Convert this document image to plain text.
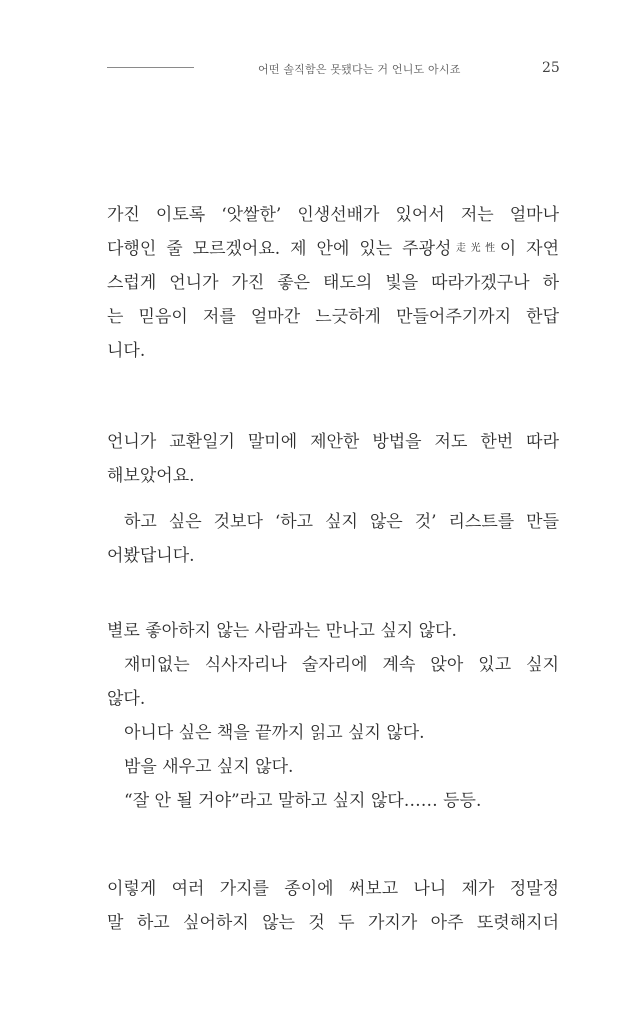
어떤 솔직함은 못됐다는 거 언니도 아시죠	25
가진 이토록 ‘앗쌀한’ 인생선배가 있어서 저는 얼마나
다행인 줄 모르겠어요. 제 안에 있는 주광성走光性이 자연
스럽게 언니가 가진 좋은 태도의 빛을 따라가겠구나 하
는 믿음이 저를 얼마간 느긋하게 만들어주기까지 한답
니다.
언니가 교환일기 말미에 제안한 방법을 저도 한번 따라
해보았어요.
하고 싶은 것보다 ‘하고 싶지 않은 것’ 리스트를 만들
어봤답니다.
별로 좋아하지 않는 사람과는 만나고 싶지 않다.
재미없는 식사자리나 술자리에 계속 앉아 있고 싶지
않다.
아니다 싶은 책을 끝까지 읽고 싶지 않다.
밤을 새우고 싶지 않다.
“잘 안 될 거야”라고 말하고 싶지 않다…… 등등.
이렇게 여러 가지를 종이에 써보고 나니 제가 정말정
말 하고 싶어하지 않는 것 두 가지가 아주 또렷해지더
